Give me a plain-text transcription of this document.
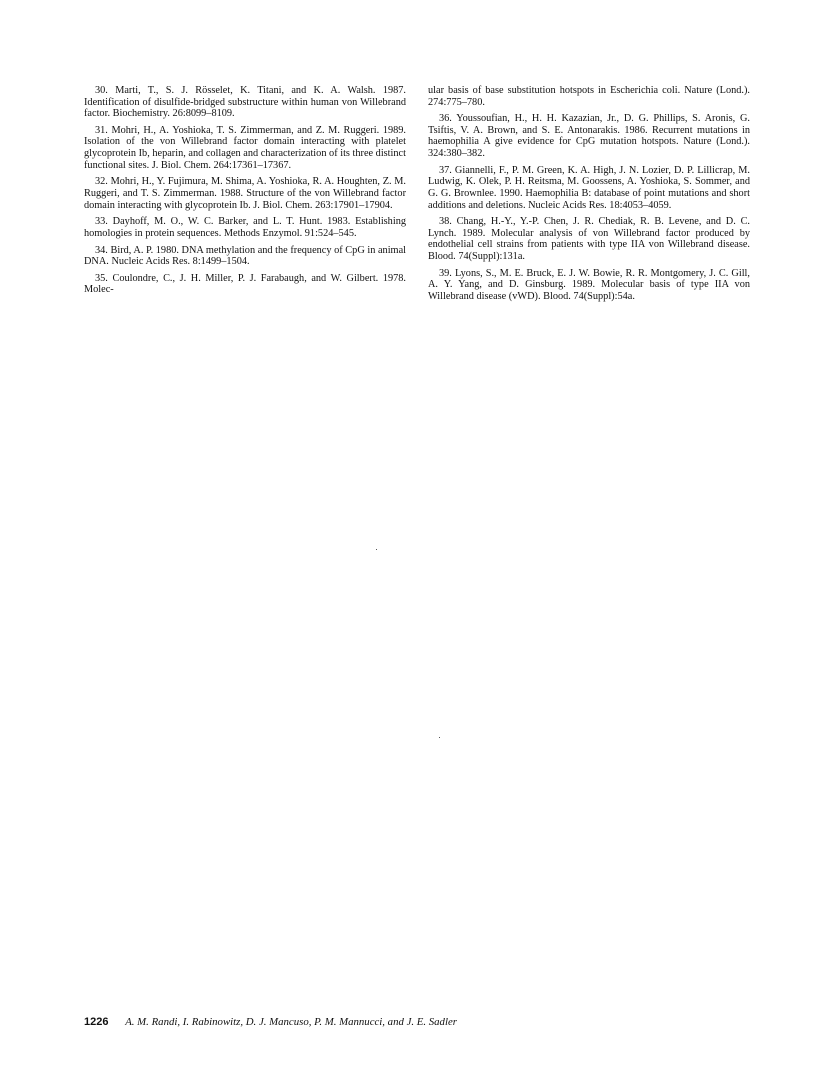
30. Marti, T., S. J. Rösselet, K. Titani, and K. A. Walsh. 1987. Identification of disulfide-bridged substructure within human von Willebrand factor. Biochemistry. 26:8099–8109.

31. Mohri, H., A. Yoshioka, T. S. Zimmerman, and Z. M. Ruggeri. 1989. Isolation of the von Willebrand factor domain interacting with platelet glycoprotein Ib, heparin, and collagen and characterization of its three distinct functional sites. J. Biol. Chem. 264:17361–17367.

32. Mohri, H., Y. Fujimura, M. Shima, A. Yoshioka, R. A. Houghten, Z. M. Ruggeri, and T. S. Zimmerman. 1988. Structure of the von Willebrand factor domain interacting with glycoprotein Ib. J. Biol. Chem. 263:17901–17904.

33. Dayhoff, M. O., W. C. Barker, and L. T. Hunt. 1983. Establishing homologies in protein sequences. Methods Enzymol. 91:524–545.

34. Bird, A. P. 1980. DNA methylation and the frequency of CpG in animal DNA. Nucleic Acids Res. 8:1499–1504.

35. Coulondre, C., J. H. Miller, P. J. Farabaugh, and W. Gilbert. 1978. Molec-

ular basis of base substitution hotspots in Escherichia coli. Nature (Lond.). 274:775–780.

36. Youssoufian, H., H. H. Kazazian, Jr., D. G. Phillips, S. Aronis, G. Tsiftis, V. A. Brown, and S. E. Antonarakis. 1986. Recurrent mutations in haemophilia A give evidence for CpG mutation hotspots. Nature (Lond.). 324:380–382.

37. Giannelli, F., P. M. Green, K. A. High, J. N. Lozier, D. P. Lillicrap, M. Ludwig, K. Olek, P. H. Reitsma, M. Goossens, A. Yoshioka, S. Sommer, and G. G. Brownlee. 1990. Haemophilia B: database of point mutations and short additions and deletions. Nucleic Acids Res. 18:4053–4059.

38. Chang, H.-Y., Y.-P. Chen, J. R. Chediak, R. B. Levene, and D. C. Lynch. 1989. Molecular analysis of von Willebrand factor produced by endothelial cell strains from patients with type IIA von Willebrand disease. Blood. 74(Suppl):131a.

39. Lyons, S., M. E. Bruck, E. J. W. Bowie, R. R. Montgomery, J. C. Gill, A. Y. Yang, and D. Ginsburg. 1989. Molecular basis of type IIA von Willebrand disease (vWD). Blood. 74(Suppl):54a.

1226 A. M. Randi, I. Rabinowitz, D. J. Mancuso, P. M. Mannucci, and J. E. Sadler
